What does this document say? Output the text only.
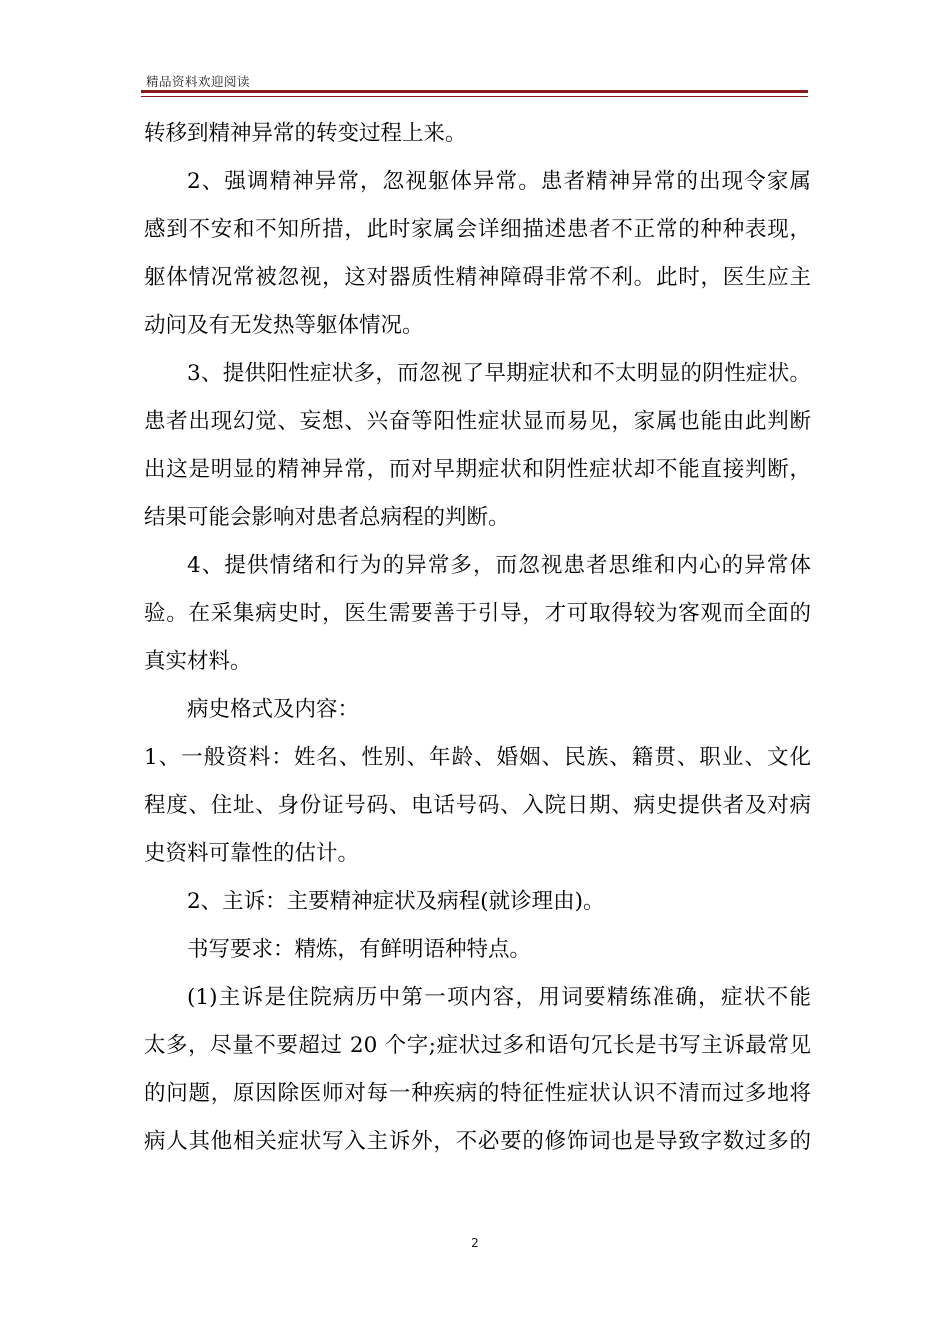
精品资料欢迎阅读
转移到精神异常的转变过程上来。
2、强调精神异常，忽视躯体异常。患者精神异常的出现令家属
感到不安和不知所措，此时家属会详细描述患者不正常的种种表现，
躯体情况常被忽视，这对器质性精神障碍非常不利。此时，医生应主
动问及有无发热等躯体情况。
3、提供阳性症状多，而忽视了早期症状和不太明显的阴性症状。
患者出现幻觉、妄想、兴奋等阳性症状显而易见，家属也能由此判断
出这是明显的精神异常，而对早期症状和阴性症状却不能直接判断，
结果可能会影响对患者总病程的判断。
4、提供情绪和行为的异常多，而忽视患者思维和内心的异常体
验。在采集病史时，医生需要善于引导，才可取得较为客观而全面的
真实材料。
病史格式及内容：
1、一般资料：姓名、性别、年龄、婚姻、民族、籍贯、职业、文化
程度、住址、身份证号码、电话号码、入院日期、病史提供者及对病
史资料可靠性的估计。
2、主诉：主要精神症状及病程(就诊理由)。
书写要求：精炼，有鲜明语种特点。
(1)主诉是住院病历中第一项内容，用词要精练准确，症状不能
太多，尽量不要超过 20 个字;症状过多和语句冗长是书写主诉最常见
的问题，原因除医师对每一种疾病的特征性症状认识不清而过多地将
病人其他相关症状写入主诉外，不必要的修饰词也是导致字数过多的
2
